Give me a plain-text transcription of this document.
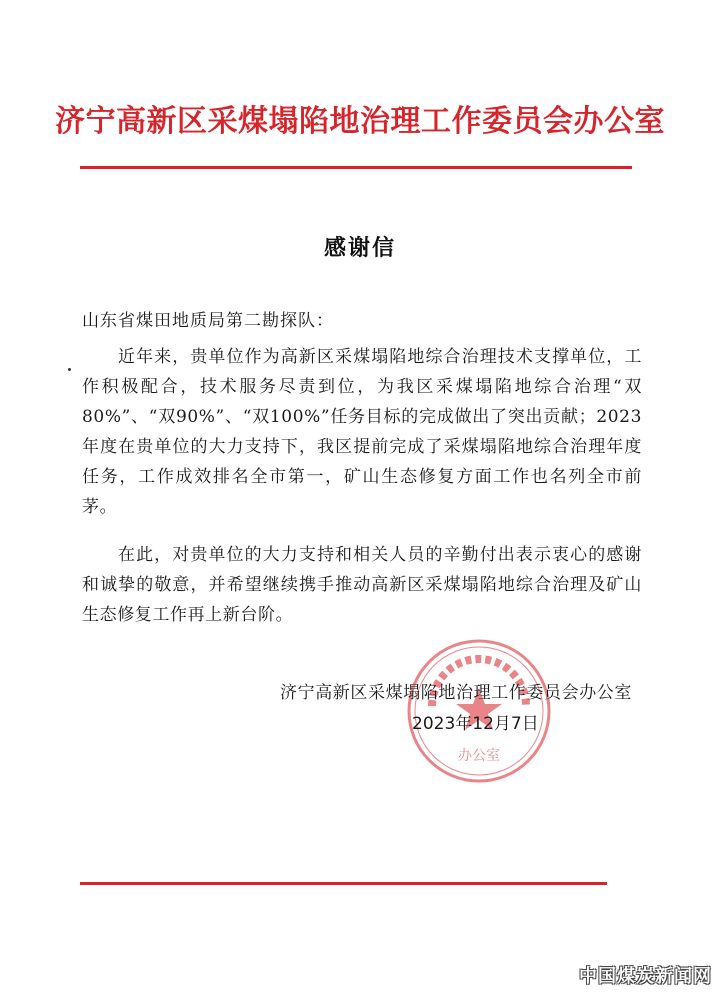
济宁高新区采煤塌陷地治理工作委员会办公室
感谢信
山东省煤田地质局第二勘探队：
近年来，贵单位作为高新区采煤塌陷地综合治理技术支撑单位，工作积极配合，技术服务尽责到位，为我区采煤塌陷地综合治理“双80%”、“双90%”、“双100%”任务目标的完成做出了突出贡献；2023年度在贵单位的大力支持下，我区提前完成了采煤塌陷地综合治理年度任务，工作成效排名全市第一，矿山生态修复方面工作也名列全市前茅。
在此，对贵单位的大力支持和相关人员的辛勤付出表示衷心的感谢和诚挚的敬意，并希望继续携手推动高新区采煤塌陷地综合治理及矿山生态修复工作再上新台阶。
办公室
济宁高新区采煤塌陷地治理工作委员会办公室
2023年12月7日
中国煤炭新闻网
